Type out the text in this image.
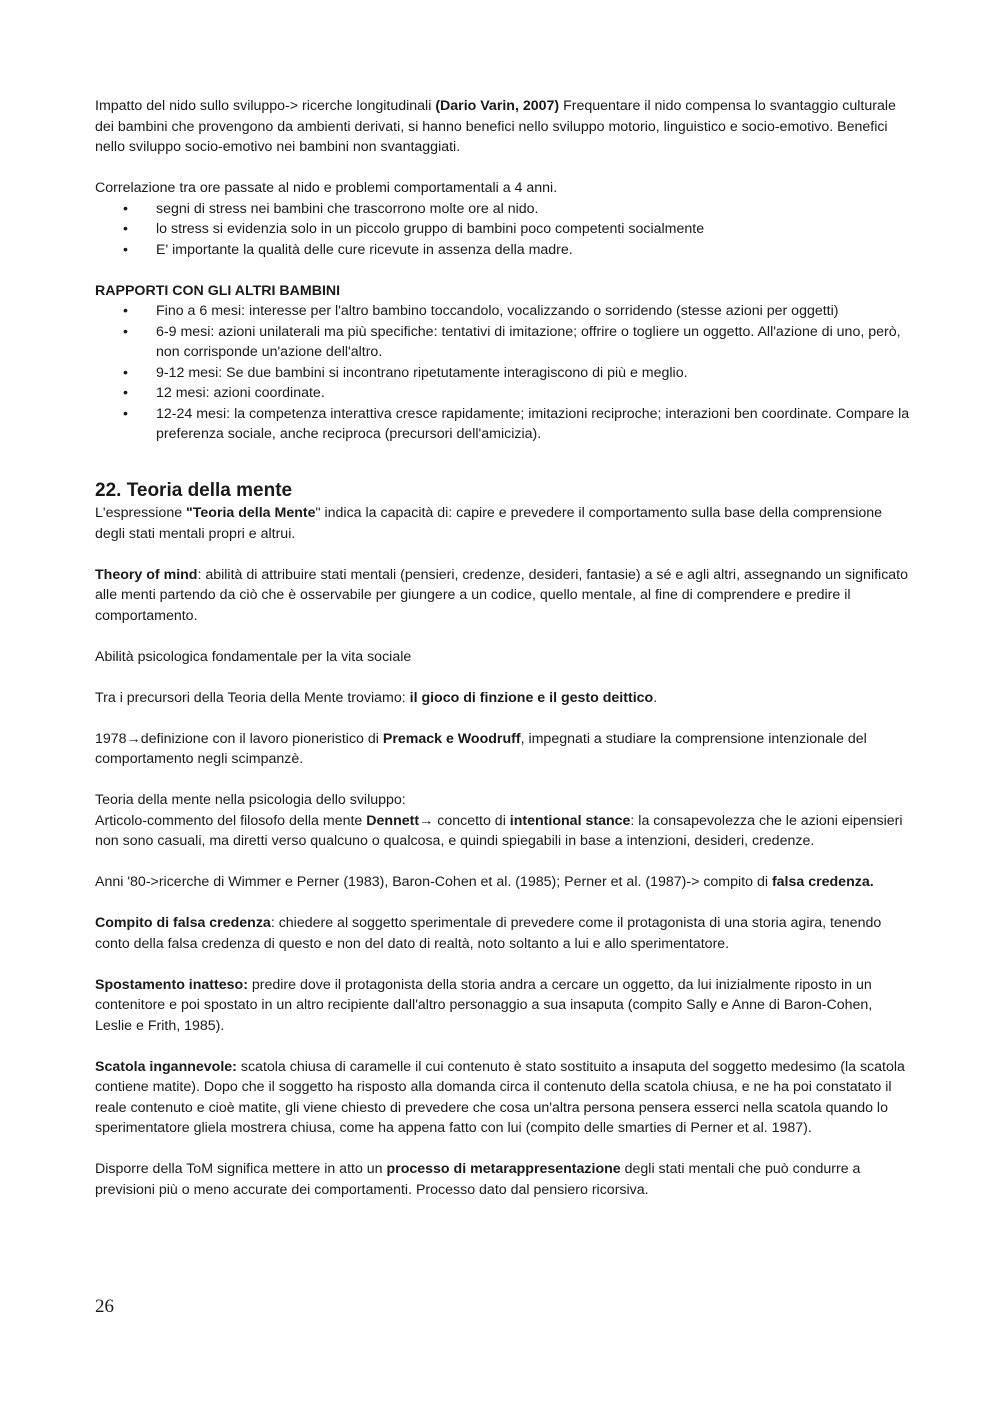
Impatto del nido sullo sviluppo-> ricerche longitudinali (Dario Varin, 2007) Frequentare il nido compensa lo svantaggio culturale dei bambini che provengono da ambienti derivati, si hanno benefici nello sviluppo motorio, linguistico e socio-emotivo. Benefici nello sviluppo socio-emotivo nei bambini non svantaggiati.

Correlazione tra ore passate al nido e problemi comportamentali a 4 anni.

• segni di stress nei bambini che trascorrono molte ore al nido.
• lo stress si evidenzia solo in un piccolo gruppo di bambini poco competenti socialmente
• E' importante la qualità delle cure ricevute in assenza della madre.

RAPPORTI CON GLI ALTRI BAMBINI

• Fino a 6 mesi: interesse per l'altro bambino toccandolo, vocalizzando o sorridendo (stesse azioni per oggetti)
• 6-9 mesi: azioni unilaterali ma più specifiche: tentativi di imitazione; offrire o togliere un oggetto. All'azione di uno, però, non corrisponde un'azione dell'altro.
• 9-12 mesi: Se due bambini si incontrano ripetutamente interagiscono di più e meglio.
• 12 mesi: azioni coordinate.
• 12-24 mesi: la competenza interattiva cresce rapidamente; imitazioni reciproche; interazioni ben coordinate. Compare la preferenza sociale, anche reciproca (precursori dell'amicizia).
22. Teoria della mente

L'espressione "Teoria della Mente" indica la capacità di: capire e prevedere il comportamento sulla base della comprensione degli stati mentali propri e altrui.

Theory of mind: abilità di attribuire stati mentali (pensieri, credenze, desideri, fantasie) a sé e agli altri, assegnando un significato alle menti partendo da ciò che è osservabile per giungere a un codice, quello mentale, al fine di comprendere e predire il comportamento.

Abilità psicologica fondamentale per la vita sociale

Tra i precursori della Teoria della Mente troviamo: il gioco di finzione e il gesto deittico.

1978→definizione con il lavoro pioneristico di Premack e Woodruff, impegnati a studiare la comprensione intenzionale del comportamento negli scimpanzè.

Teoria della mente nella psicologia dello sviluppo:

Articolo-commento del filosofo della mente Dennett→ concetto di intentional stance: la consapevolezza che le azioni eipensieri non sono casuali, ma diretti verso qualcuno o qualcosa, e quindi spiegabili in base a intenzioni, desideri, credenze.

Anni '80->ricerche di Wimmer e Perner (1983), Baron-Cohen et al. (1985); Perner et al. (1987)-> compito di falsa credenza.

Compito di falsa credenza: chiedere al soggetto sperimentale di prevedere come il protagonista di una storia agira, tenendo conto della falsa credenza di questo e non del dato di realtà, noto soltanto a lui e allo sperimentatore.

Spostamento inatteso: predire dove il protagonista della storia andra a cercare un oggetto, da lui inizialmente riposto in un contenitore e poi spostato in un altro recipiente dall'altro personaggio a sua insaputa (compito Sally e Anne di Baron-Cohen, Leslie e Frith, 1985).

Scatola ingannevole: scatola chiusa di caramelle il cui contenuto è stato sostituito a insaputa del soggetto medesimo (la scatola contiene matite). Dopo che il soggetto ha risposto alla domanda circa il contenuto della scatola chiusa, e ne ha poi constatato il reale contenuto e cioè matite, gli viene chiesto di prevedere che cosa un'altra persona pensera esserci nella scatola quando lo sperimentatore gliela mostrera chiusa, come ha appena fatto con lui (compito delle smarties di Perner et al. 1987).

Disporre della ToM significa mettere in atto un processo di metarappresentazione degli stati mentali che può condurre a previsioni più o meno accurate dei comportamenti. Processo dato dal pensiero ricorsiva.

26
